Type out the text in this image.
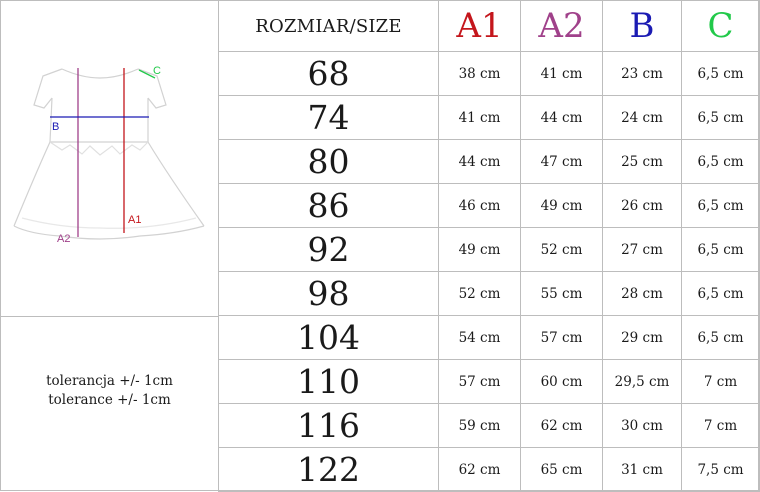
B
C
A1
A2
tolerancja +/- 1cm
tolerance +/- 1cm
ROZMIAR/SIZE	A1	A2	B	C
68	38 cm	41 cm	23 cm	6,5 cm
74	41 cm	44 cm	24 cm	6,5 cm
80	44 cm	47 cm	25 cm	6,5 cm
86	46 cm	49 cm	26 cm	6,5 cm
92	49 cm	52 cm	27 cm	6,5 cm
98	52 cm	55 cm	28 cm	6,5 cm
104	54 cm	57 cm	29 cm	6,5 cm
110	57 cm	60 cm	29,5 cm	7 cm
116	59 cm	62 cm	30 cm	7 cm
122	62 cm	65 cm	31 cm	7,5 cm
